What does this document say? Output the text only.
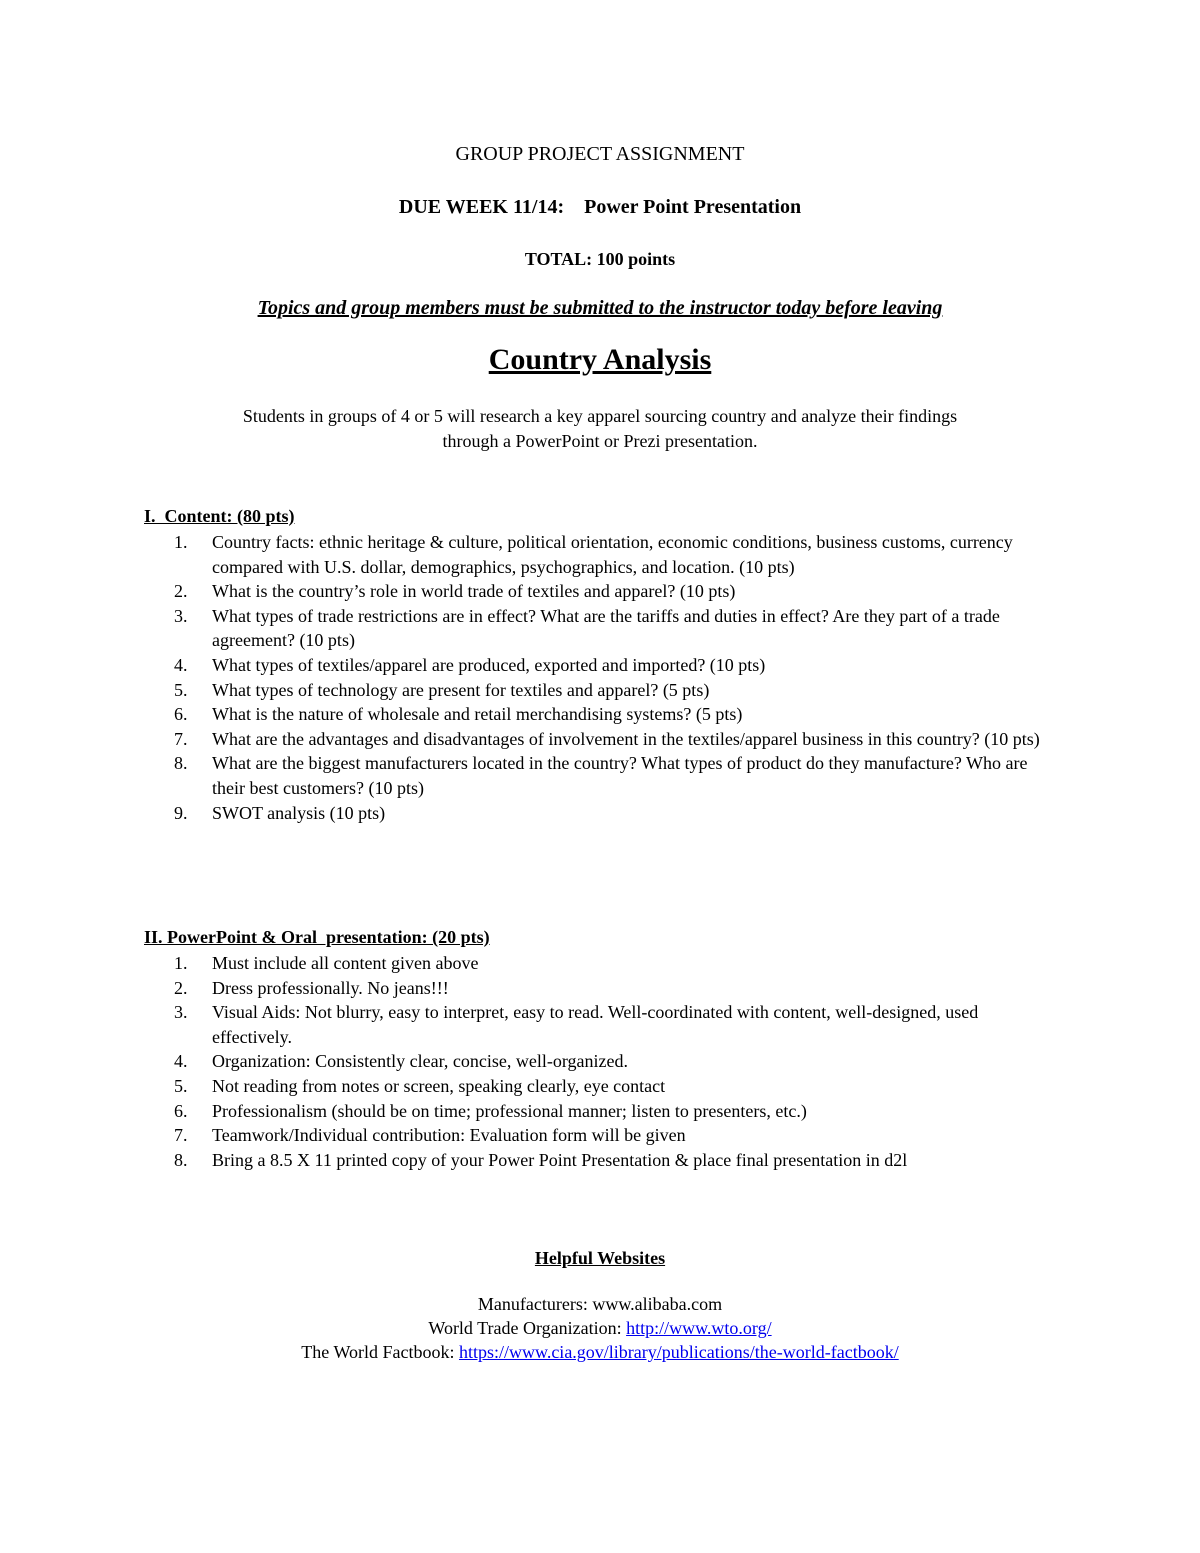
GROUP PROJECT ASSIGNMENT
DUE WEEK 11/14:    Power Point Presentation
TOTAL: 100 points
Topics and group members must be submitted to the instructor today before leaving
Country Analysis
Students in groups of 4 or 5 will research a key apparel sourcing country and analyze their findings
through a PowerPoint or Prezi presentation.
I.  Content: (80 pts)
1.	Country facts: ethnic heritage & culture, political orientation, economic conditions, business customs, currency compared with U.S. dollar, demographics, psychographics, and location. (10 pts)
2.	What is the country’s role in world trade of textiles and apparel? (10 pts)
3.	What types of trade restrictions are in effect? What are the tariffs and duties in effect? Are they part of a trade agreement? (10 pts)
4.	What types of textiles/apparel are produced, exported and imported? (10 pts)
5.	What types of technology are present for textiles and apparel? (5 pts)
6.	What is the nature of wholesale and retail merchandising systems? (5 pts)
7.	What are the advantages and disadvantages of involvement in the textiles/apparel business in this country? (10 pts)
8.	What are the biggest manufacturers located in the country? What types of product do they manufacture? Who are their best customers? (10 pts)
9.	SWOT analysis (10 pts)
II. PowerPoint & Oral  presentation: (20 pts)
1.	Must include all content given above
2.	Dress professionally. No jeans!!!
3.	Visual Aids: Not blurry, easy to interpret, easy to read. Well-coordinated with content, well-designed, used effectively.
4.	Organization: Consistently clear, concise, well-organized.
5.	Not reading from notes or screen, speaking clearly, eye contact
6.	Professionalism (should be on time; professional manner; listen to presenters, etc.)
7.	Teamwork/Individual contribution: Evaluation form will be given
8.	Bring a 8.5 X 11 printed copy of your Power Point Presentation & place final presentation in d2l
Helpful Websites
Manufacturers: www.alibaba.com
World Trade Organization: http://www.wto.org/
The World Factbook: https://www.cia.gov/library/publications/the-world-factbook/
